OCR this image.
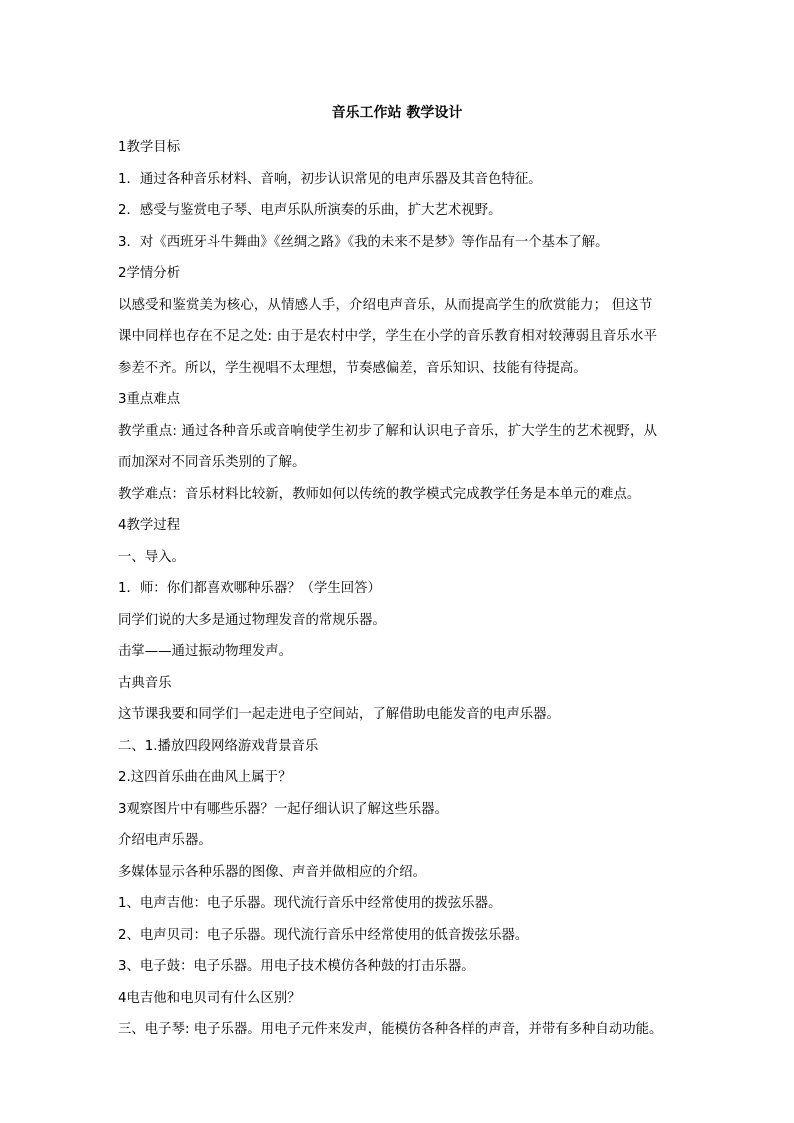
音乐工作站 教学设计
1教学目标
1．通过各种音乐材料、音响，初步认识常见的电声乐器及其音色特征。
2．感受与鉴赏电子琴、电声乐队所演奏的乐曲，扩大艺术视野。
3．对《西班牙斗牛舞曲》《丝绸之路》《我的未来不是梦》等作品有一个基本了解。
2学情分析
以感受和鉴赏美为核心，从情感人手，介绍电声音乐，从而提高学生的欣赏能力； 但这节
课中同样也存在不足之处: 由于是农村中学，学生在小学的音乐教育相对较薄弱且音乐水平
参差不齐。所以，学生视唱不太理想，节奏感偏差，音乐知识、技能有待提高。
3重点难点
教学重点: 通过各种音乐或音响使学生初步了解和认识电子音乐，扩大学生的艺术视野，从
而加深对不同音乐类别的了解。
教学难点：音乐材料比较新，教师如何以传统的教学模式完成教学任务是本单元的难点。
4教学过程
一、导入。
1．师：你们都喜欢哪种乐器？（学生回答）
同学们说的大多是通过物理发音的常规乐器。
击掌——通过振动物理发声。
古典音乐
这节课我要和同学们一起走进电子空间站，了解借助电能发音的电声乐器。
二、1.播放四段网络游戏背景音乐
2.这四首乐曲在曲风上属于？
3观察图片中有哪些乐器？一起仔细认识了解这些乐器。
介绍电声乐器。
多媒体显示各种乐器的图像、声音并做相应的介绍。
1、电声吉他：电子乐器。现代流行音乐中经常使用的拨弦乐器。
2、电声贝司：电子乐器。现代流行音乐中经常使用的低音拨弦乐器。
3、电子鼓：电子乐器。用电子技术模仿各种鼓的打击乐器。
4电吉他和电贝司有什么区别？
三、电子琴: 电子乐器。用电子元件来发声，能模仿各种各样的声音，并带有多种自动功能。
